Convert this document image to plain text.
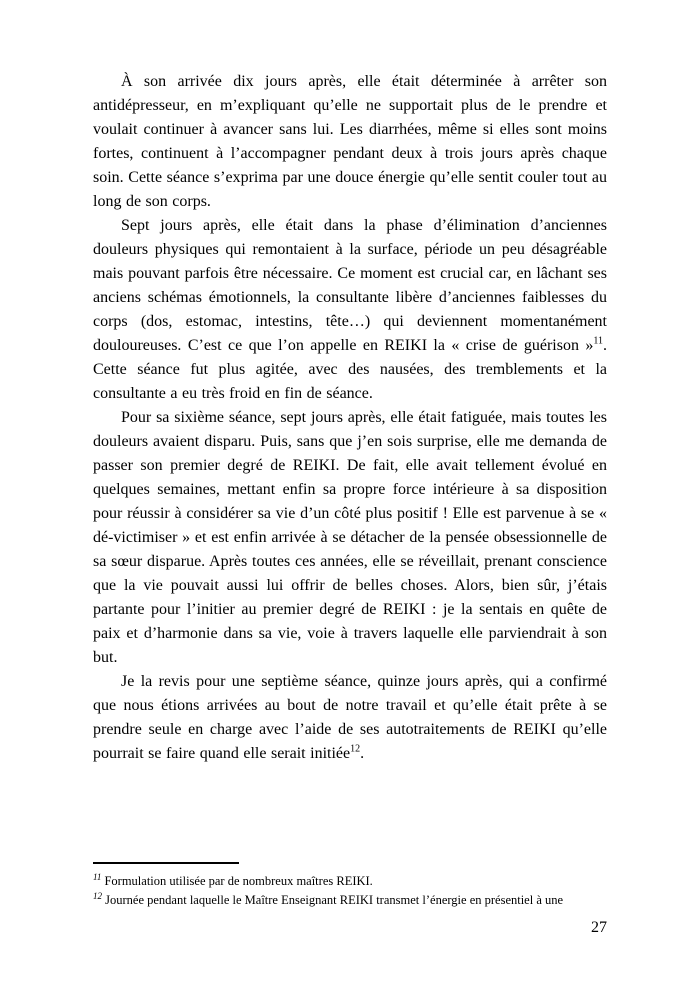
À son arrivée dix jours après, elle était déterminée à arrêter son antidépresseur, en m’expliquant qu’elle ne supportait plus de le prendre et voulait continuer à avancer sans lui. Les diarrhées, même si elles sont moins fortes, continuent à l’accompagner pendant deux à trois jours après chaque soin. Cette séance s’exprima par une douce énergie qu’elle sentit couler tout au long de son corps.

Sept jours après, elle était dans la phase d’élimination d’anciennes douleurs physiques qui remontaient à la surface, période un peu désagréable mais pouvant parfois être nécessaire. Ce moment est crucial car, en lâchant ses anciens schémas émotionnels, la consultante libère d’anciennes faiblesses du corps (dos, estomac, intestins, tête…) qui deviennent momentanément douloureuses. C’est ce que l’on appelle en REIKI la « crise de guérison »$^{11}$. Cette séance fut plus agitée, avec des nausées, des tremblements et la consultante a eu très froid en fin de séance.

Pour sa sixième séance, sept jours après, elle était fatiguée, mais toutes les douleurs avaient disparu. Puis, sans que j’en sois surprise, elle me demanda de passer son premier degré de REIKI. De fait, elle avait tellement évolué en quelques semaines, mettant enfin sa propre force intérieure à sa disposition pour réussir à considérer sa vie d’un côté plus positif ! Elle est parvenue à se « dé-victimiser » et est enfin arrivée à se détacher de la pensée obsessionnelle de sa sœur disparue. Après toutes ces années, elle se réveillait, prenant conscience que la vie pouvait aussi lui offrir de belles choses. Alors, bien sûr, j’étais partante pour l’initier au premier degré de REIKI : je la sentais en quête de paix et d’harmonie dans sa vie, voie à travers laquelle elle parviendrait à son but.

Je la revis pour une septième séance, quinze jours après, qui a confirmé que nous étions arrivées au bout de notre travail et qu’elle était prête à se prendre seule en charge avec l’aide de ses autotraitements de REIKI qu’elle pourrait se faire quand elle serait initiée$^{12}$.

$^{11}$ Formulation utilisée par de nombreux maîtres REIKI.

$^{12}$ Journée pendant laquelle le Maître Enseignant REIKI transmet l’énergie en présentiel à une

27
